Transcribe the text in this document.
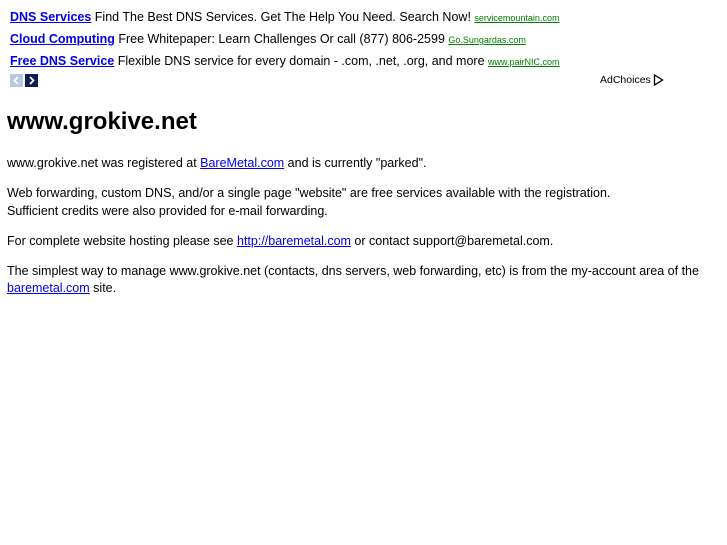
DNS Services Find The Best DNS Services. Get The Help You Need. Search Now! servicemountain.com
Cloud Computing Free Whitepaper: Learn Challenges Or call (877) 806-2599 Go.Sungardas.com
Free DNS Service Flexible DNS service for every domain - .com, .net, .org, and more www.pairNIC.com
AdChoices
www.grokive.net

www.grokive.net was registered at BareMetal.com and is currently "parked".

Web forwarding, custom DNS, and/or a single page "website" are free services available with the registration.
Sufficient credits were also provided for e-mail forwarding.

For complete website hosting please see http://baremetal.com or contact support@baremetal.com.

The simplest way to manage www.grokive.net (contacts, dns servers, web forwarding, etc) is from the my-account area of the baremetal.com site.
